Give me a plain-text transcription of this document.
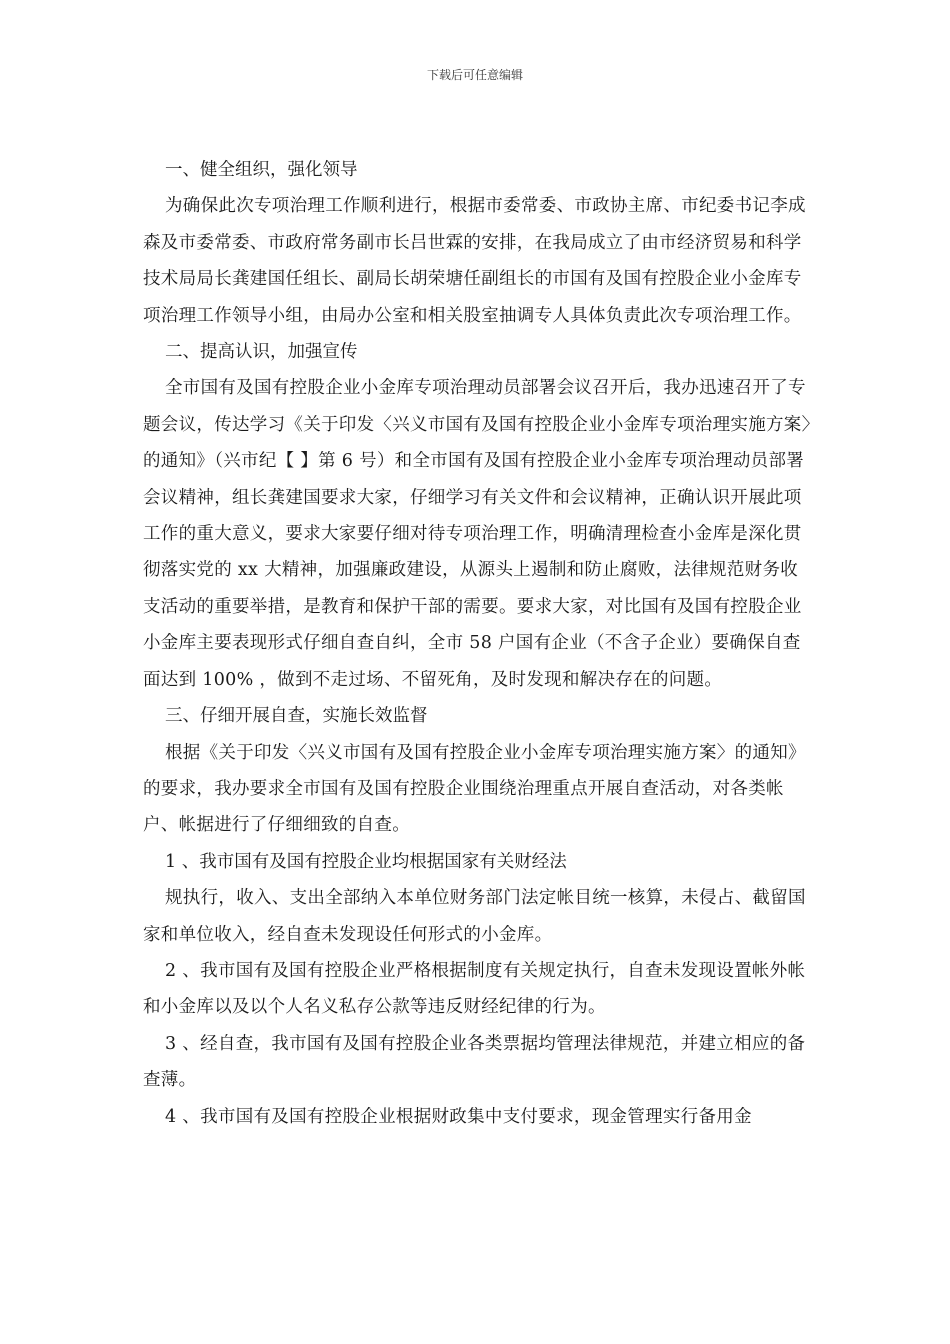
下载后可任意编辑

一、健全组织，强化领导

为确保此次专项治理工作顺利进行，根据市委常委、市政协主席、市纪委书记李成森及市委常委、市政府常务副市长吕世霖的安排，在我局成立了由市经济贸易和科学技术局局长龚建国任组长、副局长胡荣塘任副组长的市国有及国有控股企业小金库专项治理工作领导小组，由局办公室和相关股室抽调专人具体负责此次专项治理工作。

二、提高认识，加强宣传

全市国有及国有控股企业小金库专项治理动员部署会议召开后，我办迅速召开了专题会议，传达学习《关于印发〈兴义市国有及国有控股企业小金库专项治理实施方案〉的通知》（兴市纪【 】第 6 号）和全市国有及国有控股企业小金库专项治理动员部署会议精神，组长龚建国要求大家，仔细学习有关文件和会议精神，正确认识开展此项工作的重大意义，要求大家要仔细对待专项治理工作，明确清理检查小金库是深化贯彻落实党的 xx 大精神，加强廉政建设，从源头上遏制和防止腐败，法律规范财务收支活动的重要举措，是教育和保护干部的需要。要求大家，对比国有及国有控股企业小金库主要表现形式仔细自查自纠，全市 58 户国有企业（不含子企业）要确保自查面达到 100% ，做到不走过场、不留死角，及时发现和解决存在的问题。

三、仔细开展自查，实施长效监督

根据《关于印发〈兴义市国有及国有控股企业小金库专项治理实施方案〉的通知》的要求，我办要求全市国有及国有控股企业围绕治理重点开展自查活动，对各类帐户、帐据进行了仔细细致的自查。

1 、我市国有及国有控股企业均根据国家有关财经法

规执行，收入、支出全部纳入本单位财务部门法定帐目统一核算，未侵占、截留国家和单位收入，经自查未发现设任何形式的小金库。

2 、我市国有及国有控股企业严格根据制度有关规定执行，自查未发现设置帐外帐和小金库以及以个人名义私存公款等违反财经纪律的行为。

3 、经自查，我市国有及国有控股企业各类票据均管理法律规范，并建立相应的备查薄。

4 、我市国有及国有控股企业根据财政集中支付要求，现金管理实行备用金
